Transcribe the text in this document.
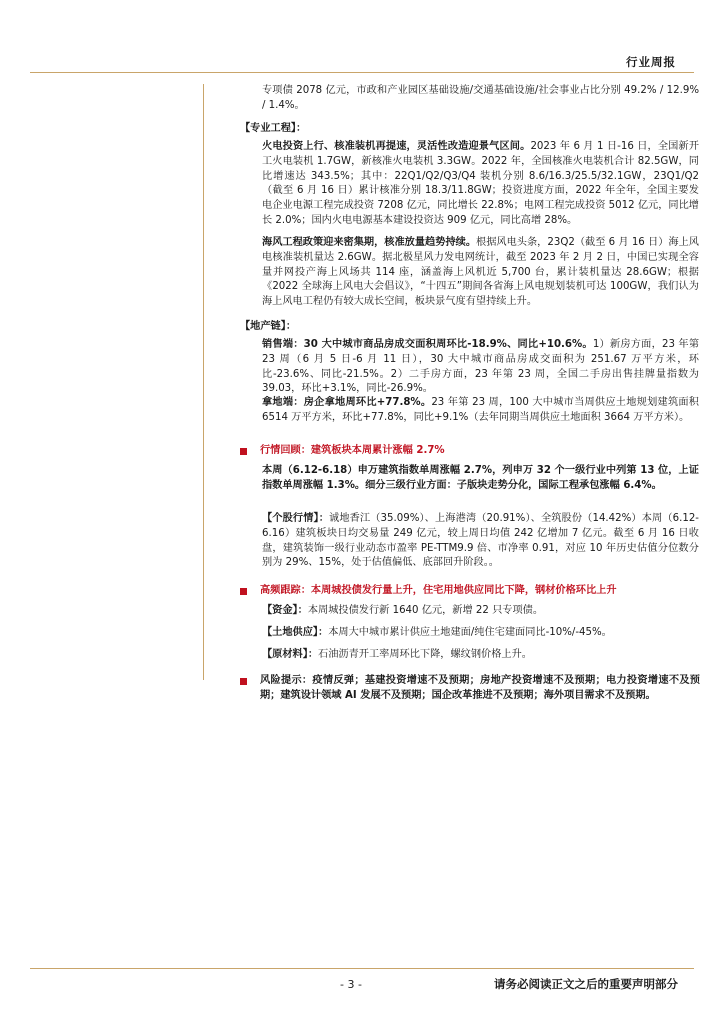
行业周报

专项债 2078 亿元，市政和产业园区基础设施/交通基础设施/社会事业占比分别 49.2% / 12.9% / 1.4%。

【专业工程】：

火电投资上行、核准装机再提速，灵活性改造迎景气区间。2023 年 6 月 1 日-16 日，全国新开工火电装机 1.7GW，新核准火电装机 3.3GW。2022 年，全国核准火电装机合计 82.5GW，同比增速达 343.5%；其中：22Q1/Q2/Q3/Q4 装机分别 8.6/16.3/25.5/32.1GW，23Q1/Q2（截至 6 月 16 日）累计核准分别 18.3/11.8GW；投资进度方面，2022 年全年，全国主要发电企业电源工程完成投资 7208 亿元，同比增长 22.8%；电网工程完成投资 5012 亿元，同比增长 2.0%；国内火电电源基本建设投资达 909 亿元，同比高增 28%。

海风工程政策迎来密集期，核准放量趋势持续。根据风电头条，23Q2（截至 6 月 16 日）海上风电核准装机量达 2.6GW。据北极星风力发电网统计，截至 2023 年 2 月 2 日，中国已实现全容量并网投产海上风场共 114 座，涵盖海上风机近 5,700 台，累计装机量达 28.6GW；根据《2022 全球海上风电大会倡议》，“十四五”期间各省海上风电规划装机可达 100GW，我们认为海上风电工程仍有较大成长空间，板块景气度有望持续上升。

【地产链】：

销售端：30 大中城市商品房成交面积周环比-18.9%、同比+10.6%。1）新房方面，23 年第 23 周（6 月 5 日-6 月 11 日），30 大中城市商品房成交面积为 251.67 万平方米，环比-23.6%、同比-21.5%。2）二手房方面，23 年第 23 周，全国二手房出售挂牌量指数为 39.03，环比+3.1%，同比-26.9%。

拿地端：房企拿地周环比+77.8%。23 年第 23 周，100 大中城市当周供应土地规划建筑面积 6514 万平方米，环比+77.8%，同比+9.1%（去年同期当周供应土地面积 3664 万平方米）。

行情回顾：建筑板块本周累计涨幅 2.7%

本周（6.12-6.18）申万建筑指数单周涨幅 2.7%，列申万 32 个一级行业中列第 13 位，上证指数单周涨幅 1.3%。细分三级行业方面：子版块走势分化，国际工程承包涨幅 6.4%。

【个股行情】：诚地香江（35.09%）、上海港湾（20.91%）、全筑股份（14.42%）本周（6.12-6.16）建筑板块日均交易量 249 亿元，较上周日均值 242 亿增加 7 亿元。截至 6 月 16 日收盘，建筑装饰一级行业动态市盈率 PE-TTM9.9 倍、市净率 0.91，对应 10 年历史估值分位数分别为 29%、15%，处于估值偏低、底部回升阶段。。

高频跟踪：本周城投债发行量上升，住宅用地供应同比下降，钢材价格环比上升

【资金】：本周城投债发行新 1640 亿元，新增 22 只专项债。

【土地供应】：本周大中城市累计供应土地建面/纯住宅建面同比-10%/-45%。

【原材料】：石油沥青开工率周环比下降，螺纹钢价格上升。

风险提示：疫情反弹；基建投资增速不及预期；房地产投资增速不及预期；电力投资增速不及预期；建筑设计领域 AI 发展不及预期；国企改革推进不及预期；海外项目需求不及预期。
- 3 -	请务必阅读正文之后的重要声明部分
